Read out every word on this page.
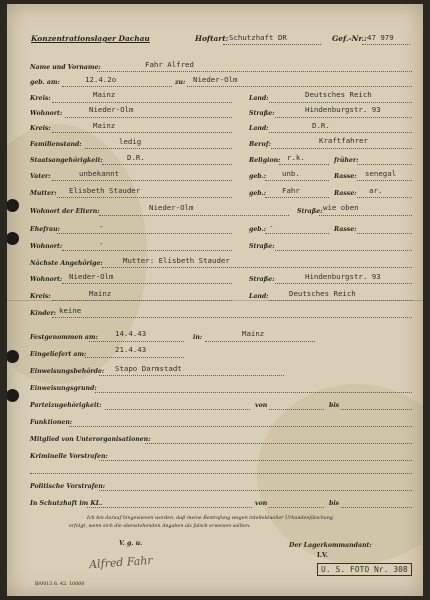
Konzentrationslager Dachau	Hoftart: Schutzhaft DR	Gef.-Nr.: 47 979
Name und Vorname:	Fahr Alfred
geb. am:	12.4.2o	zu: Nieder-Olm
Kreis:	Mainz	Land:	Deutsches Reich
Wohnort:	Nieder-Olm	Straße:	Hindenburgstr. 93
Kreis:	Mainz	Land:	D.R.
Familienstand:	ledig	Beruf:	Kraftfahrer
Staatsangehörigkeit:	D.R.	Religion: r.k.	früher:
Vater:	unbekannt	geb.: unb.	Rasse: senegal
Mutter: Elisbeth Stauder	geb.: Fahr	Rasse: ar.
Wohnort der Eltern:	Nieder-Olm	Straße: wie oben
Ehefrau:	-	geb.: -	Rasse:
Wohnort:	-	Straße:
Nächste Angehörige:	Mutter: Elisbeth Stauder
Wohnort: Nieder-Olm	Straße:	Hindenburgstr. 93
Kreis:	Mainz	Land:	Deutsches Reich
Kinder: keine
Festgenommen am: 14.4.43	in:	Mainz
Eingeliefert am:
21.4.43
Einweisungsbehörde: Stapo Darmstadt
Einweisungsgrund:
Parteizugehörigkeit:	von	bis
Funktionen:
Mitglied von Unterorganisationen:
Kriminelle Vorstrafen:
Politische Vorstrafen:
In Schutzhaft im KL.	von	bis
Ich bin darauf hingewiesen worden, daß meine Bestrafung wegen intellektueller Urkundenfälschung
erfolgt, wenn sich die obenstehenden Angaben als falsch erweisen sollten.
V. g. u.	Der Lagerkommandant:
I.V.
Alfred Fahr
B/0013 6. 42. 10000
U. S. FOTO Nr. 308
